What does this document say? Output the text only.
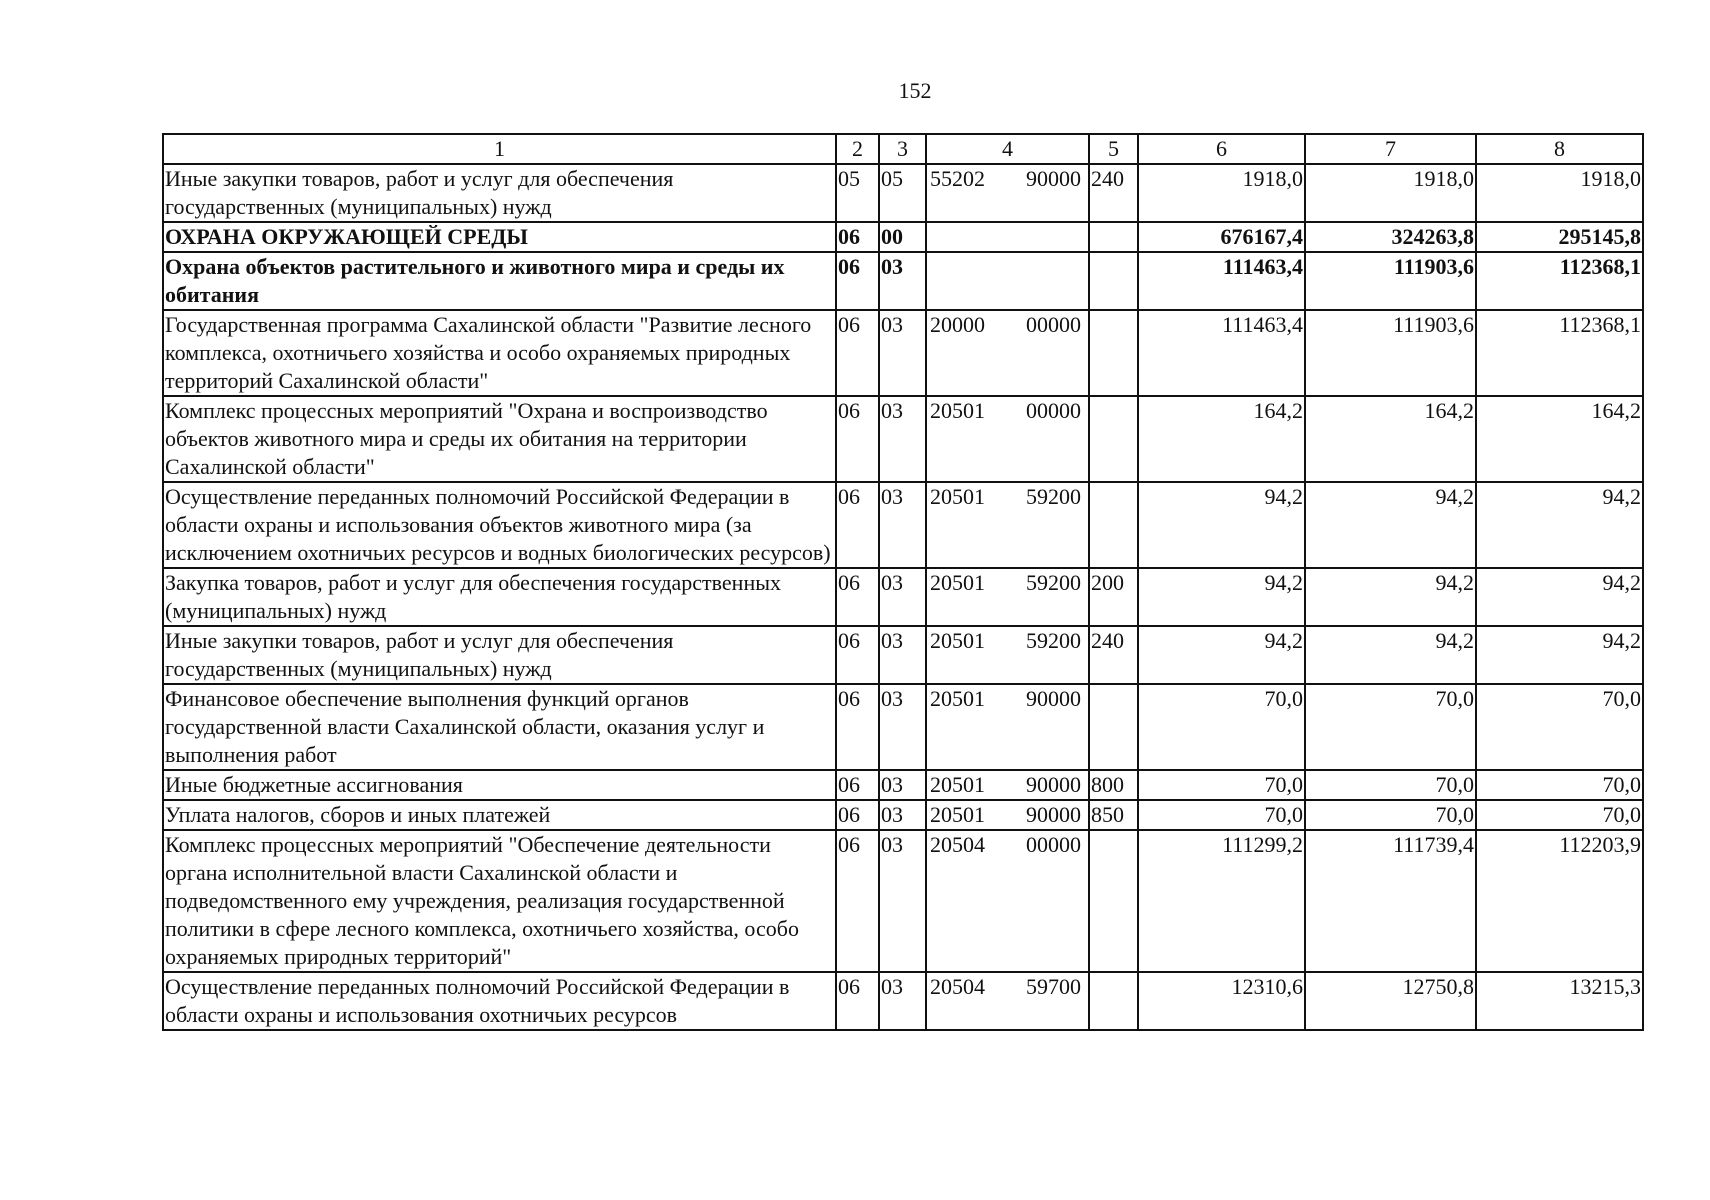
152
1	2	3	4	5	6	7	8
Иные закупки товаров, работ и услуг для обеспечения государственных (муниципальных) нужд	05	05	55202 90000	240	1918,0	1918,0	1918,0
ОХРАНА ОКРУЖАЮЩЕЙ СРЕДЫ	06	00			676167,4	324263,8	295145,8
Охрана объектов растительного и животного мира и среды их обитания	06	03			111463,4	111903,6	112368,1
Государственная программа Сахалинской области "Развитие лесного комплекса, охотничьего хозяйства и особо охраняемых природных территорий Сахалинской области"	06	03	20000 00000		111463,4	111903,6	112368,1
Комплекс процессных мероприятий "Охрана и воспроизводство объектов животного мира и среды их обитания на территории Сахалинской области"	06	03	20501 00000		164,2	164,2	164,2
Осуществление переданных полномочий Российской Федерации в области охраны и использования объектов животного мира (за исключением охотничьих ресурсов и водных биологических ресурсов)	06	03	20501 59200		94,2	94,2	94,2
Закупка товаров, работ и услуг для обеспечения государственных (муниципальных) нужд	06	03	20501 59200	200	94,2	94,2	94,2
Иные закупки товаров, работ и услуг для обеспечения государственных (муниципальных) нужд	06	03	20501 59200	240	94,2	94,2	94,2
Финансовое обеспечение выполнения функций органов государственной власти Сахалинской области, оказания услуг и выполнения работ	06	03	20501 90000		70,0	70,0	70,0
Иные бюджетные ассигнования	06	03	20501 90000	800	70,0	70,0	70,0
Уплата налогов, сборов и иных платежей	06	03	20501 90000	850	70,0	70,0	70,0
Комплекс процессных мероприятий "Обеспечение деятельности органа исполнительной власти Сахалинской области и подведомственного ему учреждения, реализация государственной политики в сфере лесного комплекса, охотничьего хозяйства, особо охраняемых природных территорий"	06	03	20504 00000		111299,2	111739,4	112203,9
Осуществление переданных полномочий Российской Федерации в области охраны и использования охотничьих ресурсов	06	03	20504 59700		12310,6	12750,8	13215,3
